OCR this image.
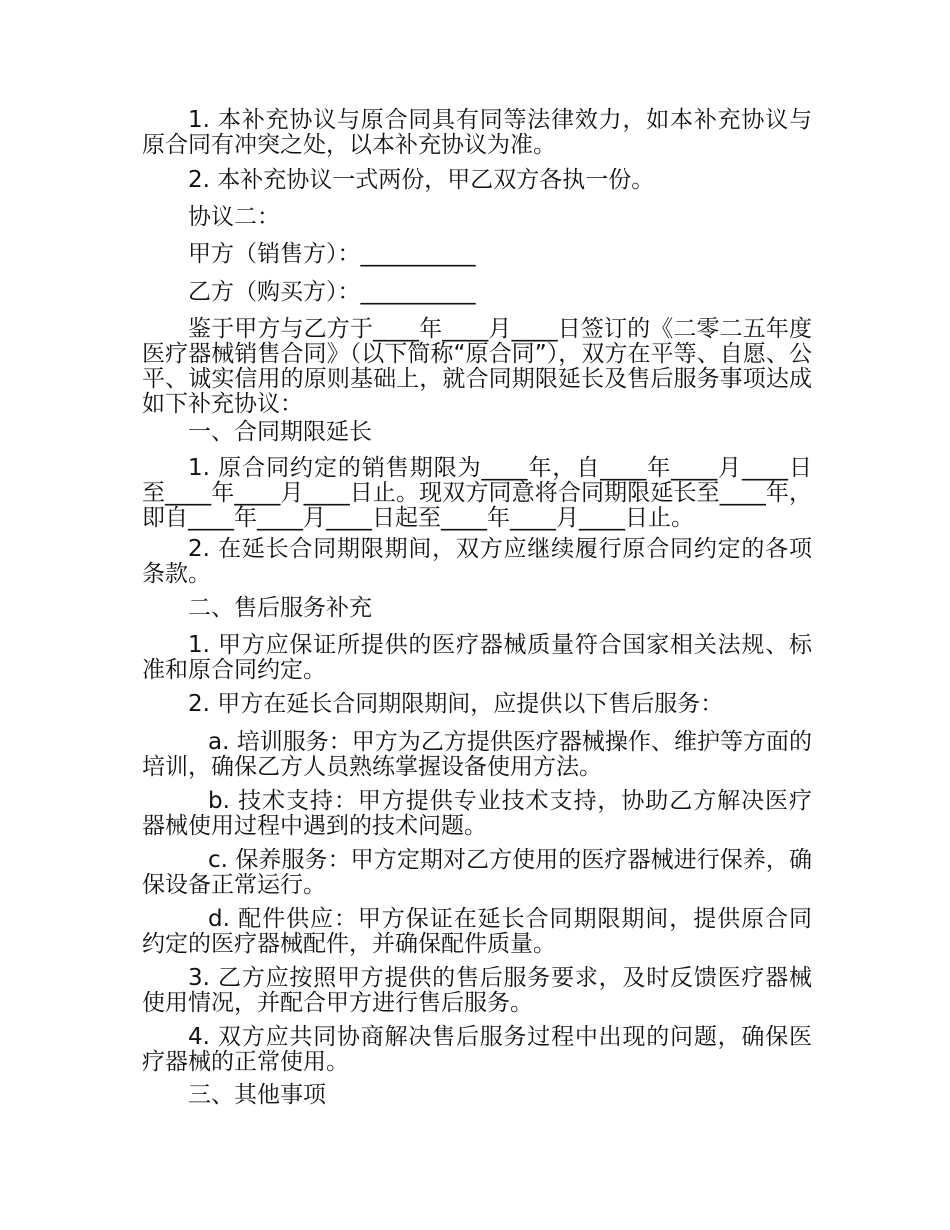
1. 本补充协议与原合同具有同等法律效力，如本补充协议与原合同有冲突之处，以本补充协议为准。

2. 本补充协议一式两份，甲乙双方各执一份。

协议二：

甲方（销售方）：__________

乙方（购买方）：__________

鉴于甲方与乙方于____年____月____日签订的《二零二五年度医疗器械销售合同》（以下简称“原合同”），双方在平等、自愿、公平、诚实信用的原则基础上，就合同期限延长及售后服务事项达成如下补充协议：

一、合同期限延长

1. 原合同约定的销售期限为____年，自____年____月____日至____年____月____日止。现双方同意将合同期限延长至____年，即自____年____月____日起至____年____月____日止。

2. 在延长合同期限期间，双方应继续履行原合同约定的各项条款。

二、售后服务补充

1. 甲方应保证所提供的医疗器械质量符合国家相关法规、标准和原合同约定。

2. 甲方在延长合同期限期间，应提供以下售后服务：

a. 培训服务：甲方为乙方提供医疗器械操作、维护等方面的培训，确保乙方人员熟练掌握设备使用方法。

b. 技术支持：甲方提供专业技术支持，协助乙方解决医疗器械使用过程中遇到的技术问题。

c. 保养服务：甲方定期对乙方使用的医疗器械进行保养，确保设备正常运行。

d. 配件供应：甲方保证在延长合同期限期间，提供原合同约定的医疗器械配件，并确保配件质量。

3. 乙方应按照甲方提供的售后服务要求，及时反馈医疗器械使用情况，并配合甲方进行售后服务。

4. 双方应共同协商解决售后服务过程中出现的问题，确保医疗器械的正常使用。

三、其他事项
